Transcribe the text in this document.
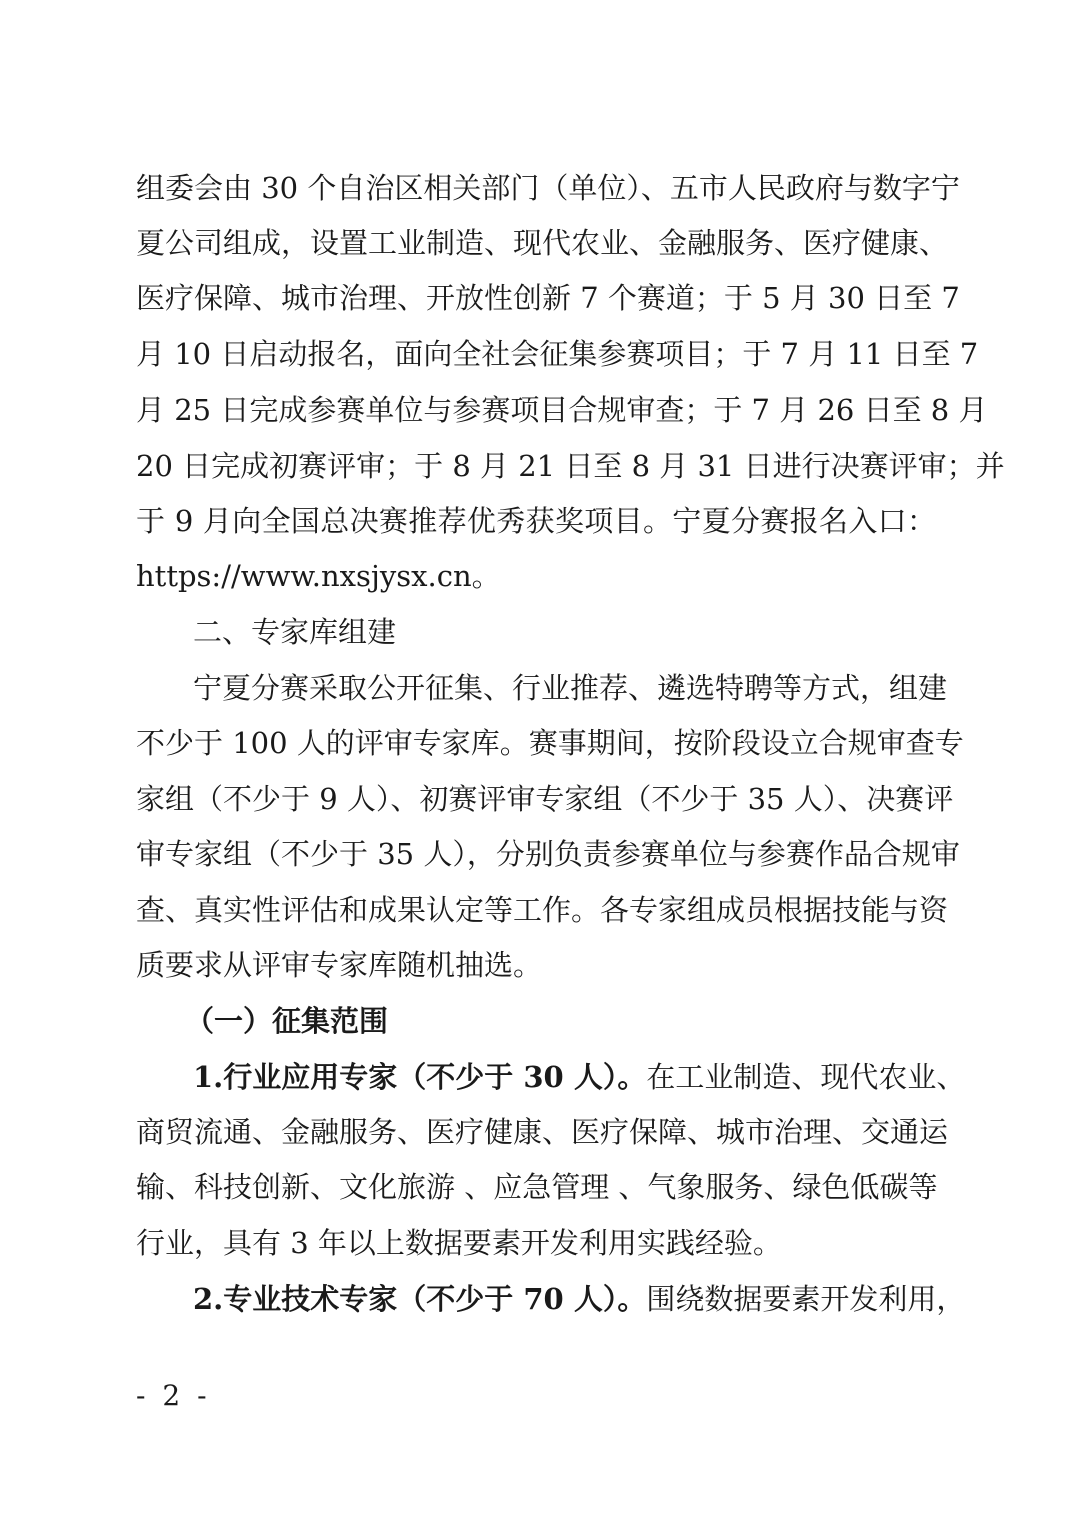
组委会由 30 个自治区相关部门（单位）、五市人民政府与数字宁
夏公司组成，设置工业制造、现代农业、金融服务、医疗健康、
医疗保障、城市治理、开放性创新 7 个赛道；于 5 月 30 日至 7
月 10 日启动报名，面向全社会征集参赛项目；于 7 月 11 日至 7
月 25 日完成参赛单位与参赛项目合规审查；于 7 月 26 日至 8 月
20 日完成初赛评审；于 8 月 21 日至 8 月 31 日进行决赛评审；并
于 9 月向全国总决赛推荐优秀获奖项目。宁夏分赛报名入口：
https://www.nxsjysx.cn。
二、专家库组建
宁夏分赛采取公开征集、行业推荐、遴选特聘等方式，组建
不少于 100 人的评审专家库。赛事期间，按阶段设立合规审查专
家组（不少于 9 人）、初赛评审专家组（不少于 35 人）、决赛评
审专家组（不少于 35 人），分别负责参赛单位与参赛作品合规审
查、真实性评估和成果认定等工作。各专家组成员根据技能与资
质要求从评审专家库随机抽选。
（一）征集范围
1.行业应用专家（不少于 30 人）。在工业制造、现代农业、
商贸流通、金融服务、医疗健康、医疗保障、城市治理、交通运
输、科技创新、文化旅游 、应急管理 、气象服务、绿色低碳等
行业，具有 3 年以上数据要素开发利用实践经验。
2.专业技术专家（不少于 70 人）。围绕数据要素开发利用，
- 2 -
